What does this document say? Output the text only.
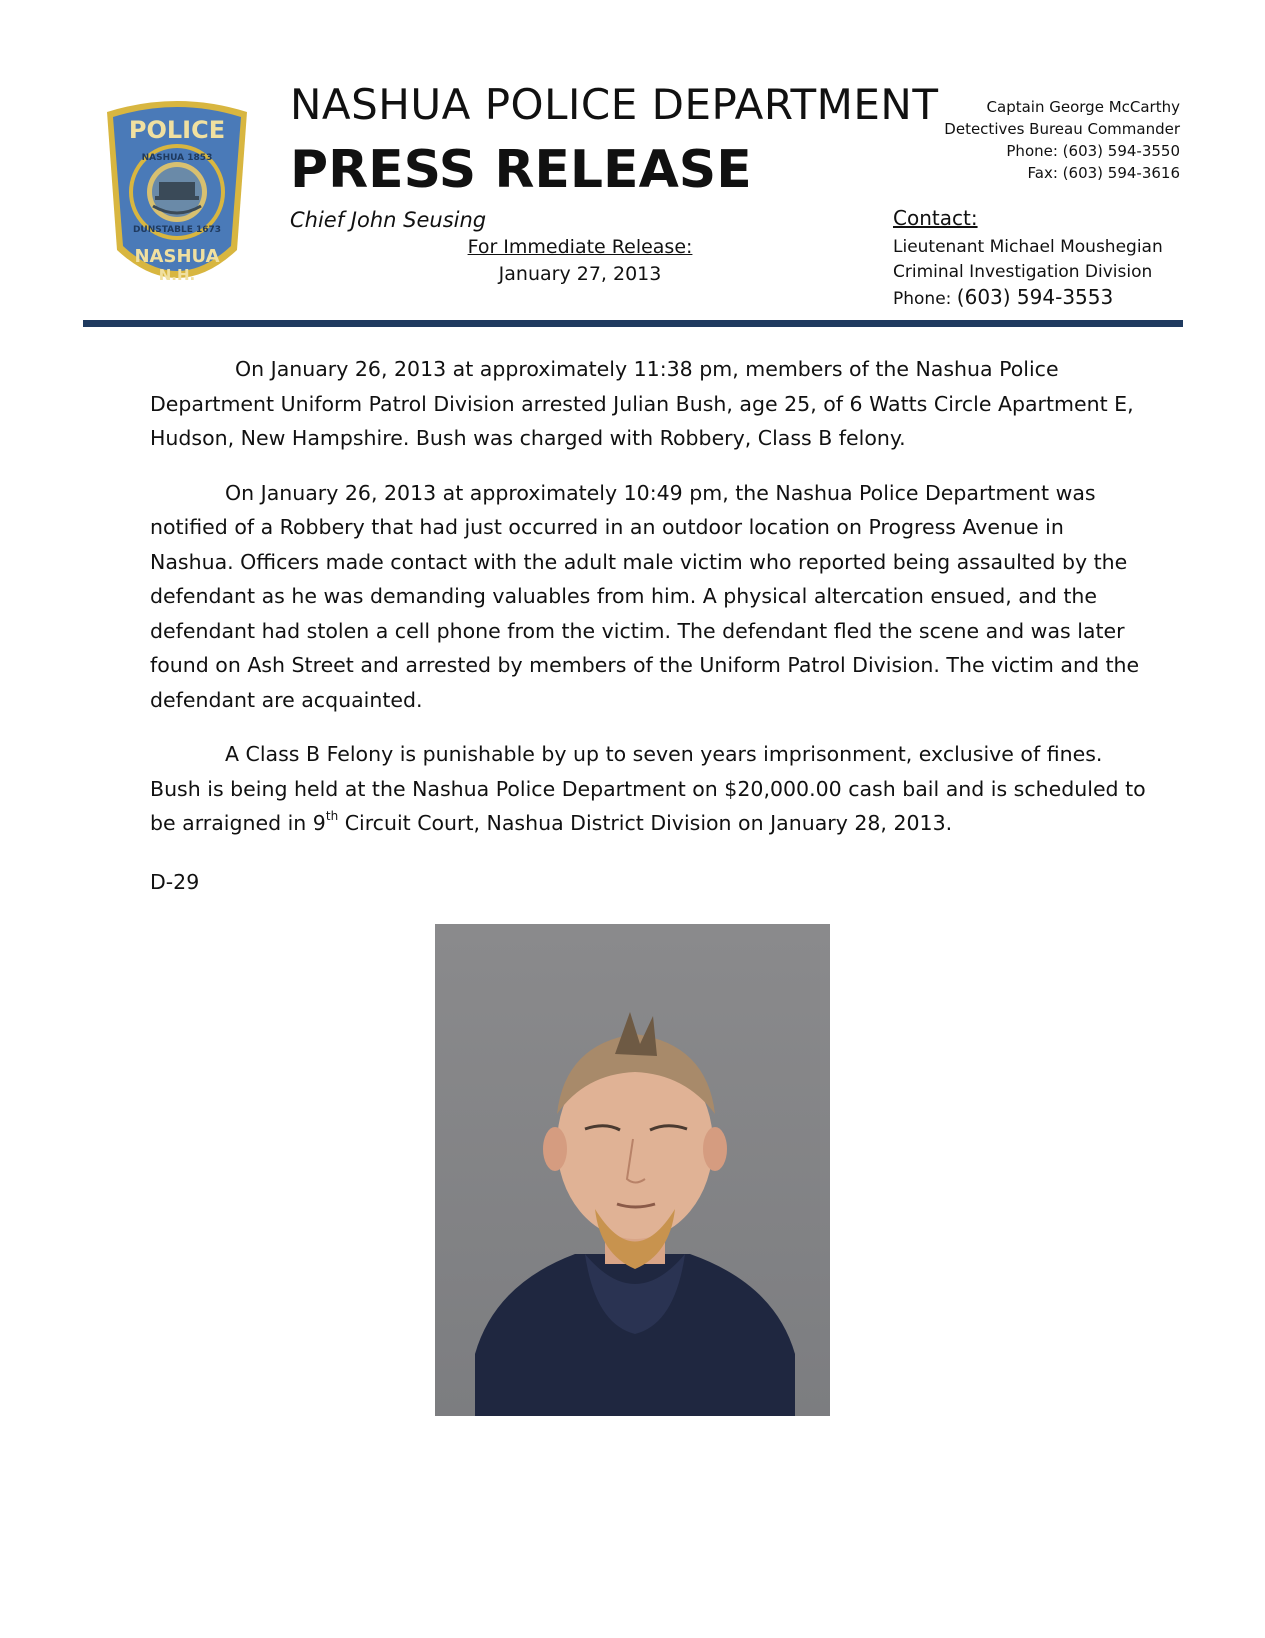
POLICE
NASHUA 1853
DUNSTABLE 1673
NASHUA
N.H.
NASHUA POLICE DEPARTMENT
PRESS RELEASE
Chief John Seusing
For Immediate Release:
January 27, 2013
Captain George McCarthy
Detectives Bureau Commander
Phone: (603) 594-3550
Fax: (603) 594-3616
Contact:
Lieutenant Michael Moushegian
Criminal Investigation Division
Phone: (603) 594-3553

On January 26, 2013 at approximately 11:38 pm, members of the Nashua Police Department Uniform Patrol Division arrested Julian Bush, age 25, of 6 Watts Circle Apartment E, Hudson, New Hampshire. Bush was charged with Robbery, Class B felony.

On January 26, 2013 at approximately 10:49 pm, the Nashua Police Department was notified of a Robbery that had just occurred in an outdoor location on Progress Avenue in Nashua. Officers made contact with the adult male victim who reported being assaulted by the defendant as he was demanding valuables from him. A physical altercation ensued, and the defendant had stolen a cell phone from the victim. The defendant fled the scene and was later found on Ash Street and arrested by members of the Uniform Patrol Division. The victim and the defendant are acquainted.

A Class B Felony is punishable by up to seven years imprisonment, exclusive of fines. Bush is being held at the Nashua Police Department on $20,000.00 cash bail and is scheduled to be arraigned in 9th Circuit Court, Nashua District Division on January 28, 2013.

D-29
